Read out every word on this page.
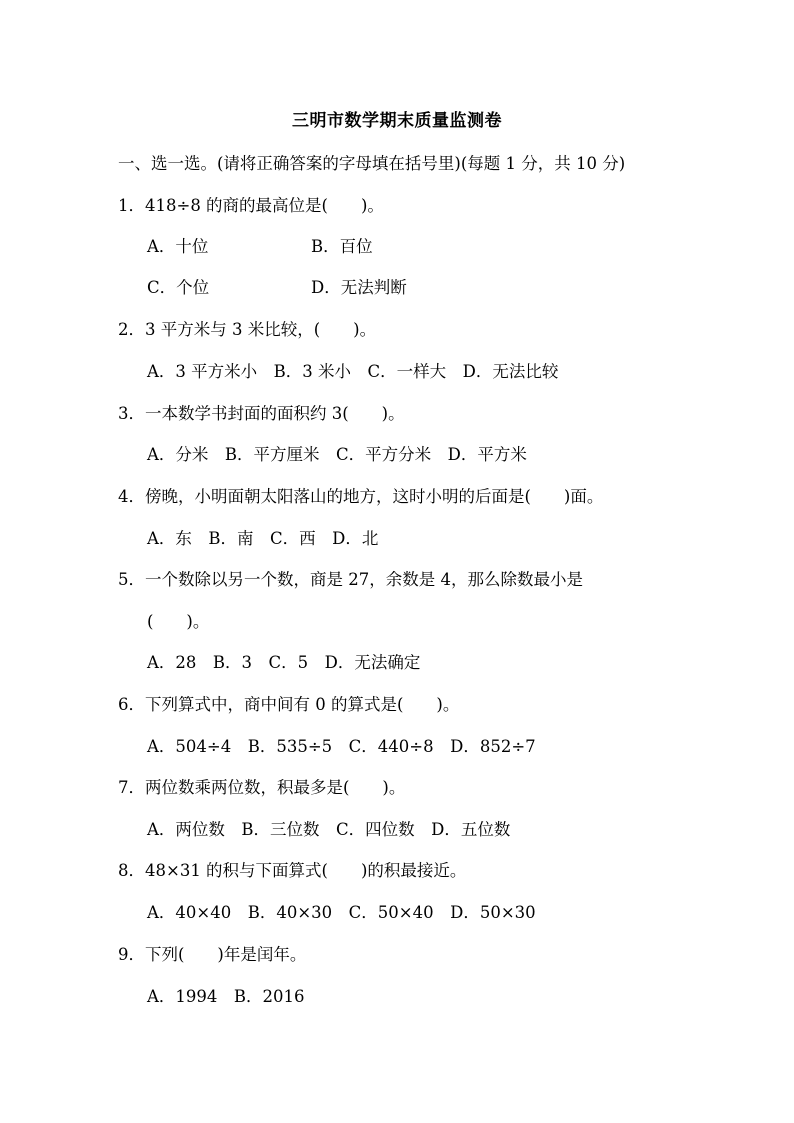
三明市数学期末质量监测卷
一、选一选。(请将正确答案的字母填在括号里)(每题 1 分，共 10 分)
1．418÷8 的商的最高位是(　　)。
A．十位	B．百位
C．个位	D．无法判断
2．3 平方米与 3 米比较，(　　)。
A．3 平方米小　B．3 米小　C．一样大　D．无法比较
3．一本数学书封面的面积约 3(　　)。
A．分米　B．平方厘米　C．平方分米　D．平方米
4．傍晚，小明面朝太阳落山的地方，这时小明的后面是(　　)面。
A．东　B．南　C．西　D．北
5．一个数除以另一个数，商是 27，余数是 4，那么除数最小是
(　　)。
A．28　B．3　C．5　D．无法确定
6．下列算式中，商中间有 0 的算式是(　　)。
A．504÷4　B．535÷5　C．440÷8　D．852÷7
7．两位数乘两位数，积最多是(　　)。
A．两位数　B．三位数　C．四位数　D．五位数
8．48×31 的积与下面算式(　　)的积最接近。
A．40×40　B．40×30　C．50×40　D．50×30
9．下列(　　)年是闰年。
A．1994　B．2016
